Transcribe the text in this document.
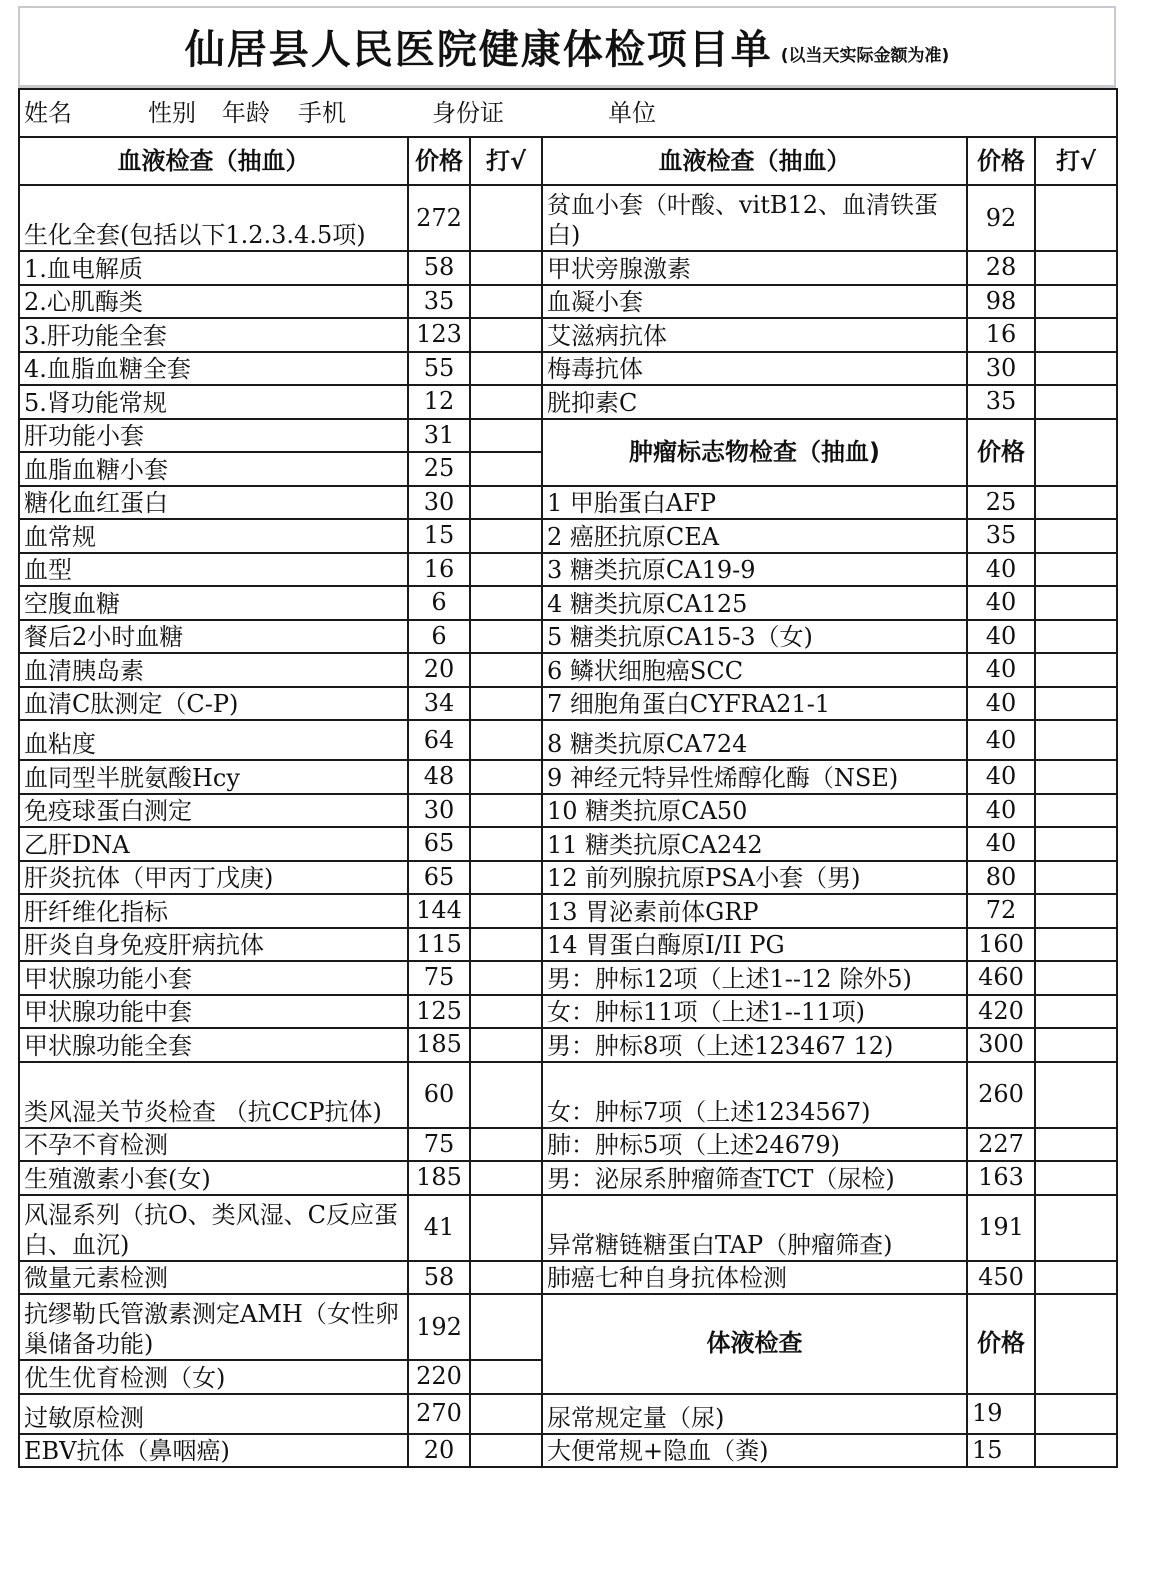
仙居县人民医院健康体检项目单 (以当天实际金额为准)
姓名 性别 年龄 手机 身份证 单位					
血液检查（抽血）	价格	打√	血液检查（抽血）	价格	打√
生化全套(包括以下1.2.3.4.5项)	272		贫血小套（叶酸、vitB12、血清铁蛋白)	92	
1.血电解质	58		甲状旁腺激素	28	
2.心肌酶类	35		血凝小套	98	
3.肝功能全套	123		艾滋病抗体	16	
4.血脂血糖全套	55		梅毒抗体	30	
5.肾功能常规	12		胱抑素C	35	
肝功能小套	31		肿瘤标志物检查（抽血)	价格	
血脂血糖小套	25				
糖化血红蛋白	30		1 甲胎蛋白AFP	25	
血常规	15		2 癌胚抗原CEA	35	
血型	16		3 糖类抗原CA19-9	40	
空腹血糖	6		4 糖类抗原CA125	40	
餐后2小时血糖	6		5 糖类抗原CA15-3（女)	40	
血清胰岛素	20		6 鳞状细胞癌SCC	40	
血清C肽测定（C-P)	34		7 细胞角蛋白CYFRA21-1	40	
血粘度	64		8 糖类抗原CA724	40	
血同型半胱氨酸Hcy	48		9 神经元特异性烯醇化酶（NSE)	40	
免疫球蛋白测定	30		10 糖类抗原CA50	40	
乙肝DNA	65		11 糖类抗原CA242	40	
肝炎抗体（甲丙丁戊庚)	65		12 前列腺抗原PSA小套（男)	80	
肝纤维化指标	144		13 胃泌素前体GRP	72	
肝炎自身免疫肝病抗体	115		14 胃蛋白酶原I/II PG	160	
甲状腺功能小套	75		男：肿标12项（上述1--12 除外5)	460	
甲状腺功能中套	125		女：肿标11项（上述1--11项)	420	
甲状腺功能全套	185		男：肿标8项（上述123467 12)	300	
类风湿关节炎检查 （抗CCP抗体)	60		女：肿标7项（上述1234567)	260	
不孕不育检测	75		肺：肿标5项（上述24679)	227	
生殖激素小套(女)	185		男：泌尿系肿瘤筛查TCT（尿检)	163	
风湿系列（抗O、类风湿、C反应蛋白、血沉)	41		异常糖链糖蛋白TAP（肿瘤筛查)	191	
微量元素检测	58		肺癌七种自身抗体检测	450	
抗缪勒氏管激素测定AMH（女性卵巢储备功能)	192		体液检查	价格	
优生优育检测（女)	220				
过敏原检测	270		尿常规定量（尿)	19	
EBV抗体（鼻咽癌)	20		大便常规+隐血（粪)	15	
